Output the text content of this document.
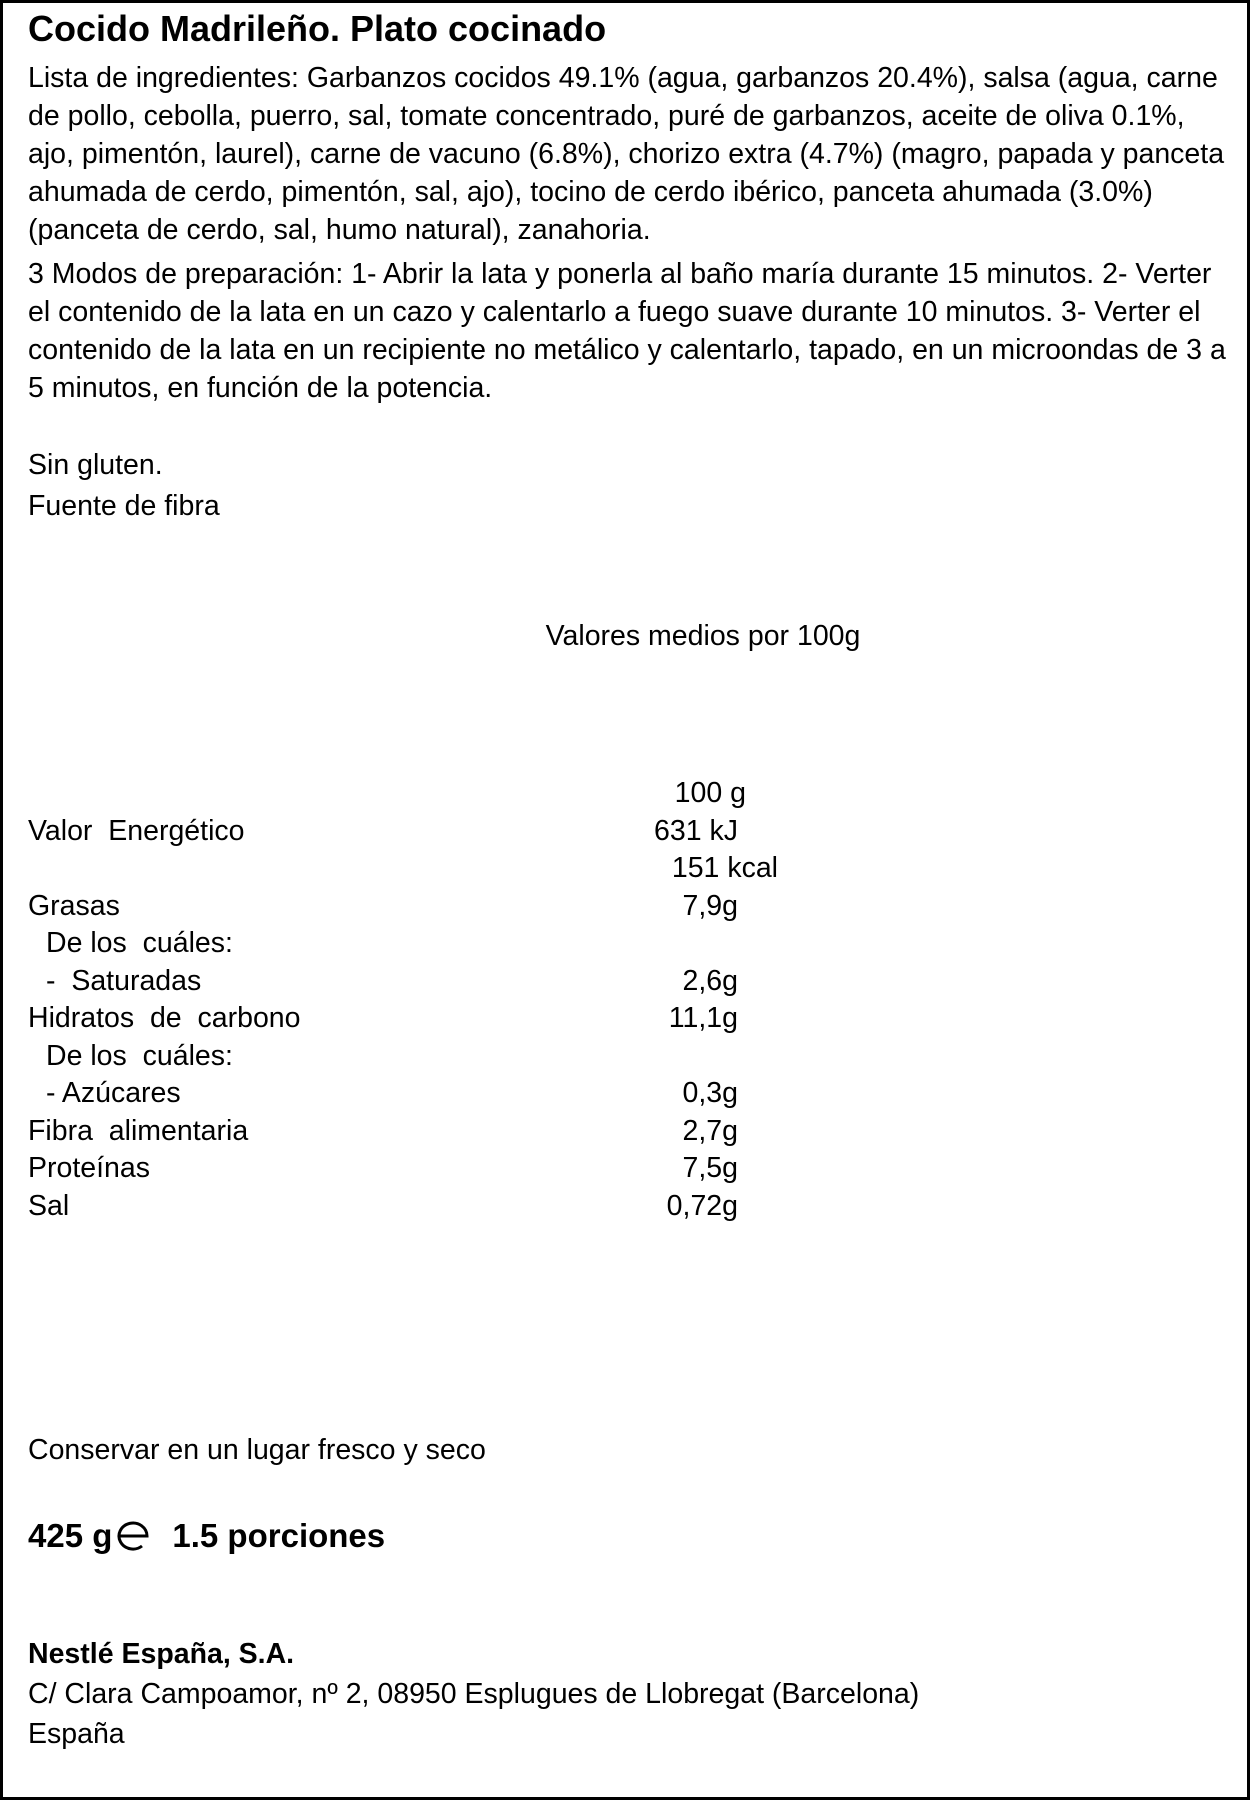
Cocido Madrileño. Plato cocinado

Lista de ingredientes: Garbanzos cocidos 49.1% (agua, garbanzos 20.4%), salsa (agua, carne de pollo, cebolla, puerro, sal, tomate concentrado, puré de garbanzos, aceite de oliva 0.1%, ajo, pimentón, laurel), carne de vacuno (6.8%), chorizo extra (4.7%) (magro, papada y panceta ahumada de cerdo, pimentón, sal, ajo), tocino de cerdo ibérico, panceta ahumada (3.0%) (panceta de cerdo, sal, humo natural), zanahoria.

3 Modos de preparación: 1- Abrir la lata y ponerla al baño maría durante 15 minutos. 2- Verter el contenido de la lata en un cazo y calentarlo a fuego suave durante 10 minutos. 3- Verter el contenido de la lata en un recipiente no metálico y calentarlo, tapado, en un microondas de 3 a 5 minutos, en función de la potencia.

Sin gluten.
Fuente de fibra
Valores medios por 100g
100 g
Valor  Energético	631 kJ
151 kcal
Grasas	7,9g
De los  cuáles:
-  Saturadas	2,6g
Hidratos  de  carbono	11,1g
De los  cuáles:
- Azúcares	0,3g
Fibra  alimentaria	2,7g
Proteínas	7,5g
Sal	0,72g
Conservar en un lugar fresco y seco
425 g 1.5 porciones
Nestlé España, S.A.
C/ Clara Campoamor, nº 2, 08950 Esplugues de Llobregat (Barcelona)
España
